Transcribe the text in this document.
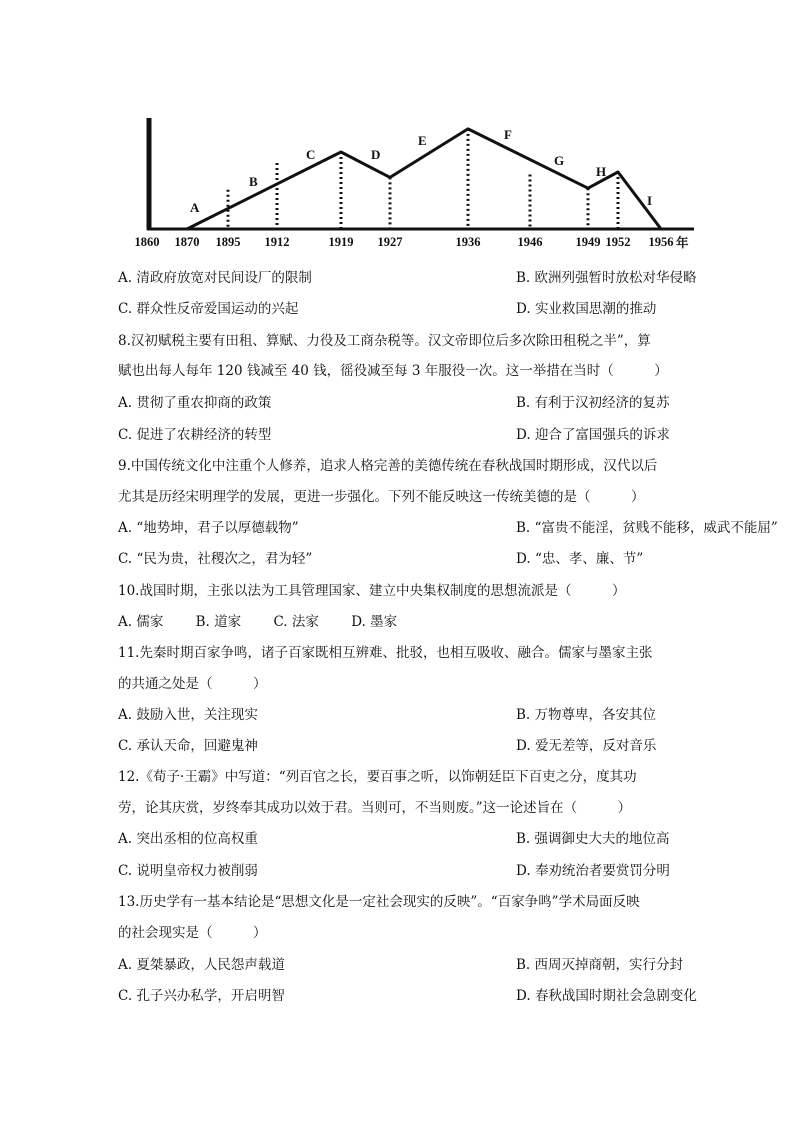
A
B
C	D
E	F
G
H
I
1860 1870 1895 1912	1919 1927	1936	1946	1949 1952 1956 年
A. 清政府放宽对民间设厂的限制	B. 欧洲列强暂时放松对华侵略
C. 群众性反帝爱国运动的兴起	D. 实业救国思潮的推动
8.汉初赋税主要有田租、算赋、力役及工商杂税等。汉文帝即位后多次除田租税之半”，算
赋也出每人每年 120 钱减至 40 钱，徭役减至每 3 年服役一次。这一举措在当时（　　　）
A. 贯彻了重农抑商的政策	B. 有利于汉初经济的复苏
C. 促进了农耕经济的转型	D. 迎合了富国强兵的诉求
9.中国传统文化中注重个人修养，追求人格完善的美德传统在春秋战国时期形成，汉代以后
尤其是历经宋明理学的发展，更进一步强化。下列不能反映这一传统美德的是（　　　）
A. “地势坤，君子以厚德载物”	B. “富贵不能淫，贫贱不能移，威武不能屈”
C. “民为贵，社稷次之，君为轻”	D. “忠、孝、廉、节”
10.战国时期，主张以法为工具管理国家、建立中央集权制度的思想流派是（　　　）
A. 儒家 B. 道家 C. 法家 D. 墨家
11.先秦时期百家争鸣，诸子百家既相互辨难、批驳，也相互吸收、融合。儒家与墨家主张
的共通之处是（　　　）
A. 鼓励入世，关注现实	B. 万物尊卑，各安其位
C. 承认天命，回避鬼神	D. 爱无差等，反对音乐
12.《荀子·王霸》中写道：“列百官之长，要百事之听，以饰朝廷臣下百吏之分，度其功
劳，论其庆赏，岁终奉其成功以效于君。当则可，不当则废。”这一论述旨在（　　　）
A. 突出丞相的位高权重	B. 强调御史大夫的地位高
C. 说明皇帝权力被削弱	D. 奉劝统治者要赏罚分明
13.历史学有一基本结论是“思想文化是一定社会现实的反映”。“百家争鸣”学术局面反映
的社会现实是（　　　）
A. 夏桀暴政，人民怨声载道	B. 西周灭掉商朝，实行分封
C. 孔子兴办私学，开启明智	D. 春秋战国时期社会急剧变化
